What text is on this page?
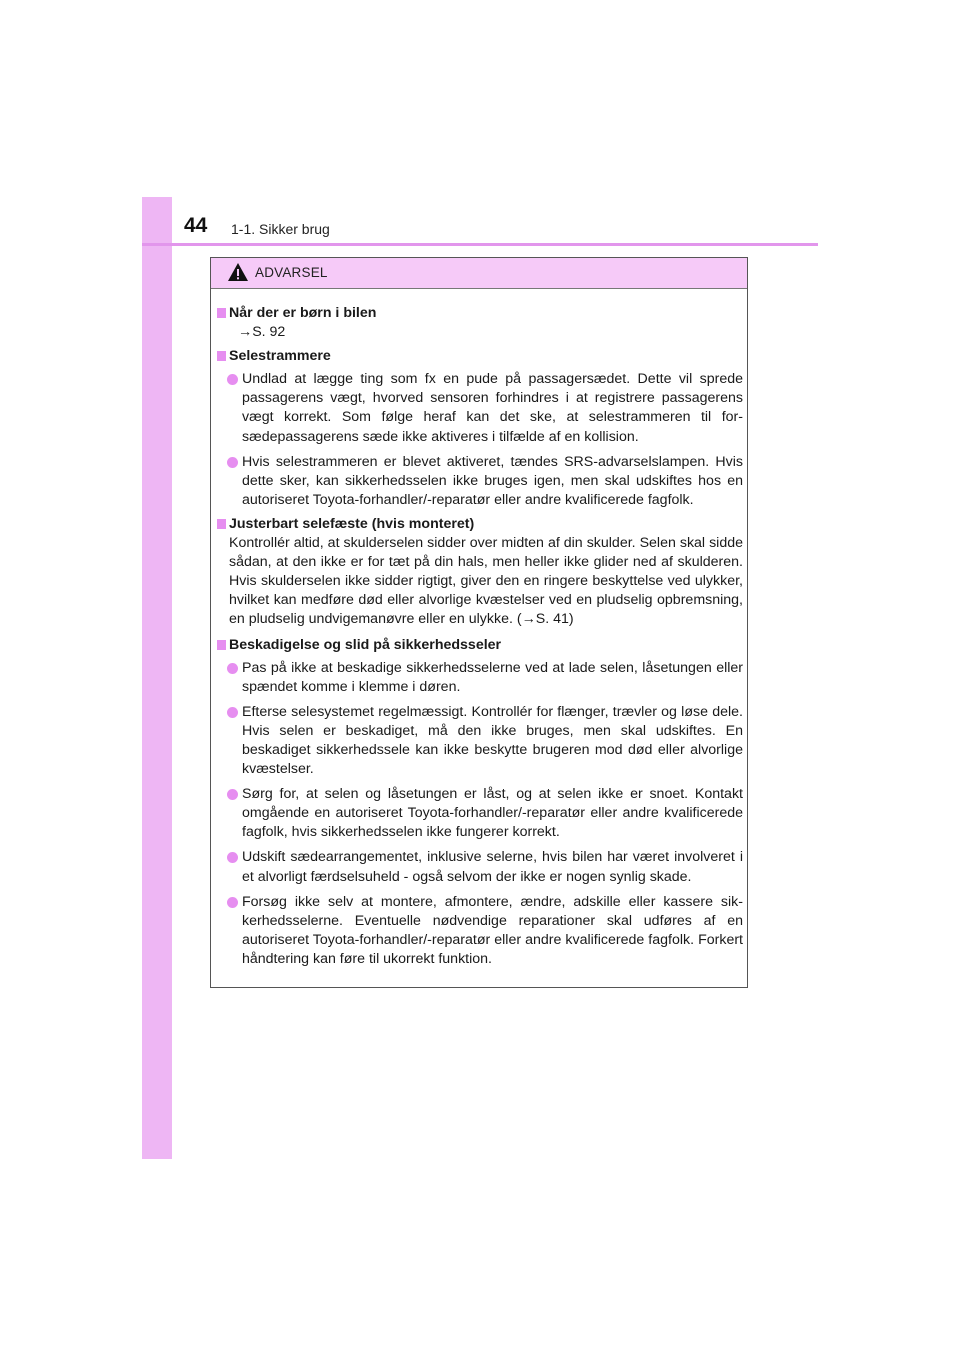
44 1-1. Sikker brug
ADVARSEL
Når der er børn i bilen
→S. 92
Selestrammere
Undlad at lægge ting som fx en pude på passagersædet. Dette vil sprede passagerens vægt, hvorved sensoren forhindres i at registrere passagerens vægt korrekt. Som følge heraf kan det ske, at selestrammeren til forsædepassagerens sæde ikke aktiveres i tilfælde af en kollision.
Hvis selestrammeren er blevet aktiveret, tændes SRS-advarselslampen. Hvis dette sker, kan sikkerhedsselen ikke bruges igen, men skal udskiftes hos en autoriseret Toyota-forhandler/-reparatør eller andre kvalificerede fagfolk.
Justerbart selefæste (hvis monteret)
Kontrollér altid, at skulderselen sidder over midten af din skulder. Selen skal sidde sådan, at den ikke er for tæt på din hals, men heller ikke glider ned af skulderen. Hvis skulderselen ikke sidder rigtigt, giver den en ringere beskyttelse ved ulykker, hvilket kan medføre død eller alvorlige kvæstelser ved en pludselig opbremsning, en pludselig undvigemanøvre eller en ulykke. (→S. 41)
Beskadigelse og slid på sikkerhedsseler
Pas på ikke at beskadige sikkerhedsselerne ved at lade selen, låsetungen eller spændet komme i klemme i døren.
Efterse selesystemet regelmæssigt. Kontrollér for flænger, trævler og løse dele. Hvis selen er beskadiget, må den ikke bruges, men skal udskiftes. En beskadiget sikkerhedssele kan ikke beskytte brugeren mod død eller alvorlige kvæstelser.
Sørg for, at selen og låsetungen er låst, og at selen ikke er snoet. Kontakt omgående en autoriseret Toyota-forhandler/-reparatør eller andre kvalificerede fagfolk, hvis sikkerhedsselen ikke fungerer korrekt.
Udskift sædearrangementet, inklusive selerne, hvis bilen har været involveret i et alvorligt færdselsuheld - også selvom der ikke er nogen synlig skade.
Forsøg ikke selv at montere, afmontere, ændre, adskille eller kassere sikkerhedsselerne. Eventuelle nødvendige reparationer skal udføres af en autoriseret Toyota-forhandler/-reparatør eller andre kvalificerede fagfolk. Forkert håndtering kan føre til ukorrekt funktion.
